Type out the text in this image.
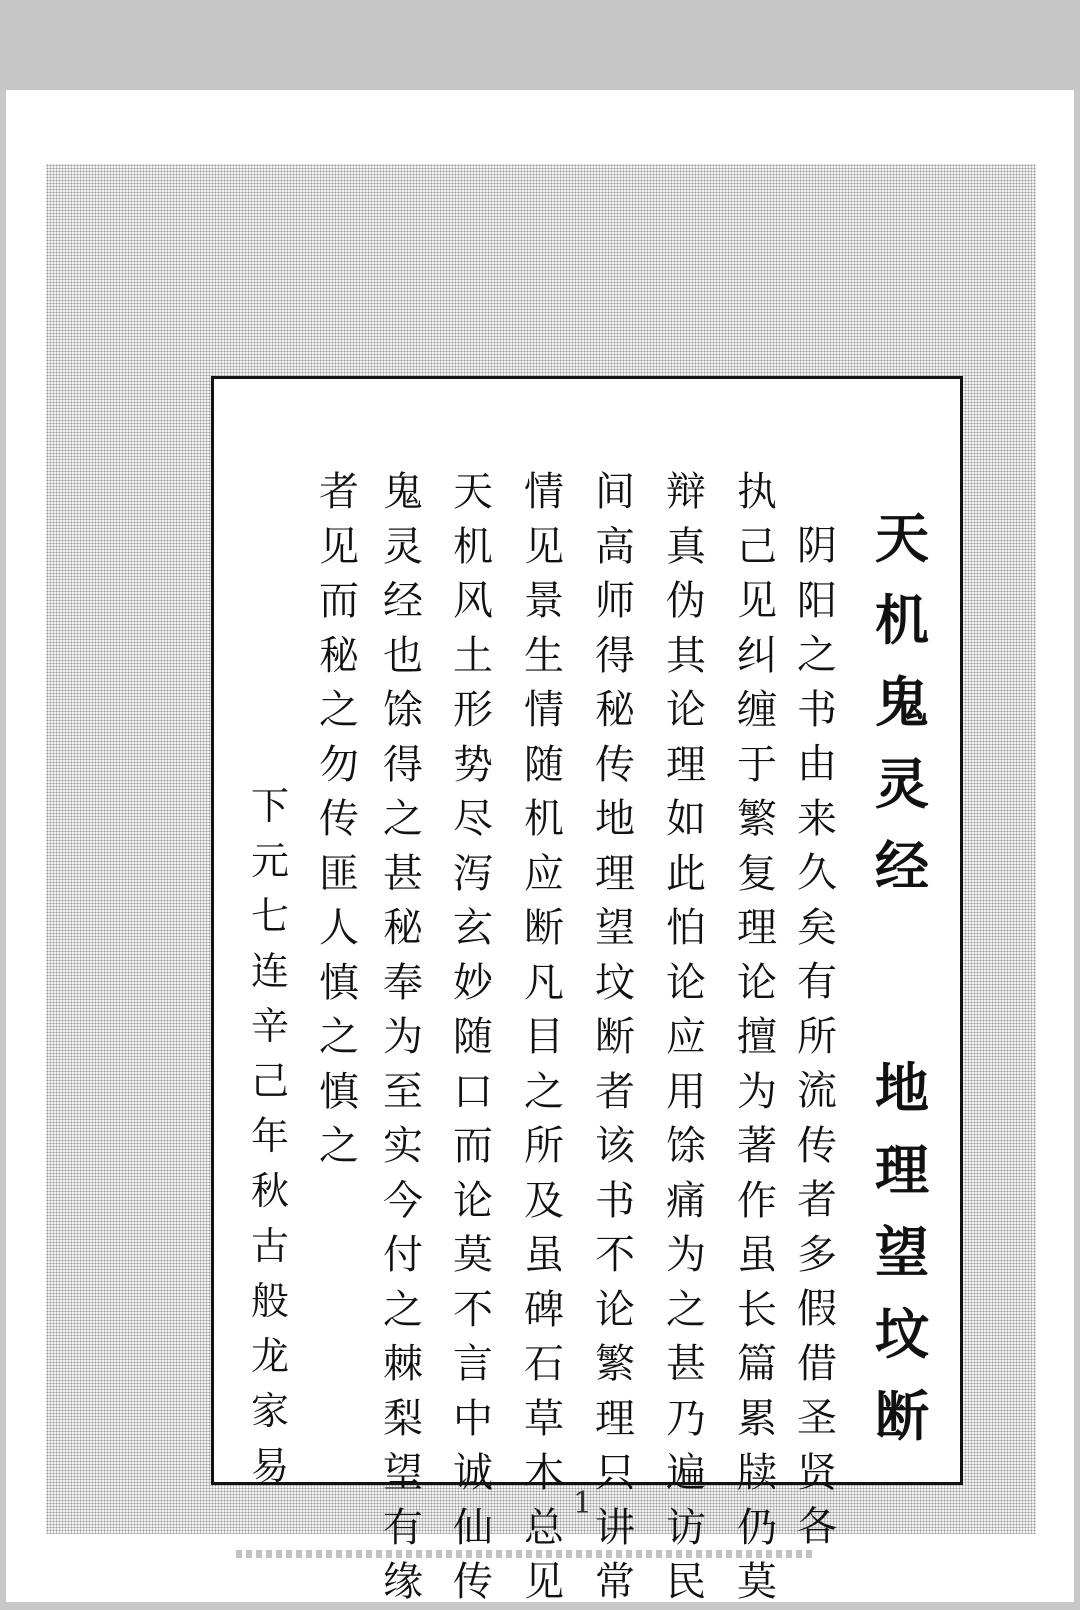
天
机
鬼
灵
经
地
理
望
坟
断
阴
阳
之
书
由
来
久
矣
有
所
流
传
者
多
假
借
圣
贤
各
执
己
见
纠
缠
于
繁
复
理
论
擅
为
著
作
虽
长
篇
累
牍
仍
莫
辩
真
伪
其
论
理
如
此
怕
论
应
用
馀
痛
为
之
甚
乃
遍
访
民
间
高
师
得
秘
传
地
理
望
坟
断
者
该
书
不
论
繁
理
只
讲
常
情
见
景
生
情
随
机
应
断
凡
目
之
所
及
虽
碑
石
草
木
总
见
天
机
风
土
形
势
尽
泻
玄
妙
随
口
而
论
莫
不
言
中
诚
仙
传
鬼
灵
经
也
馀
得
之
甚
秘
奉
为
至
实
今
付
之
棘
梨
望
有
缘
者
见
而
秘
之
勿
传
匪
人
慎
之
慎
之
下
元
七
连
辛
己
年
秋
古
般
龙
家
易
1
